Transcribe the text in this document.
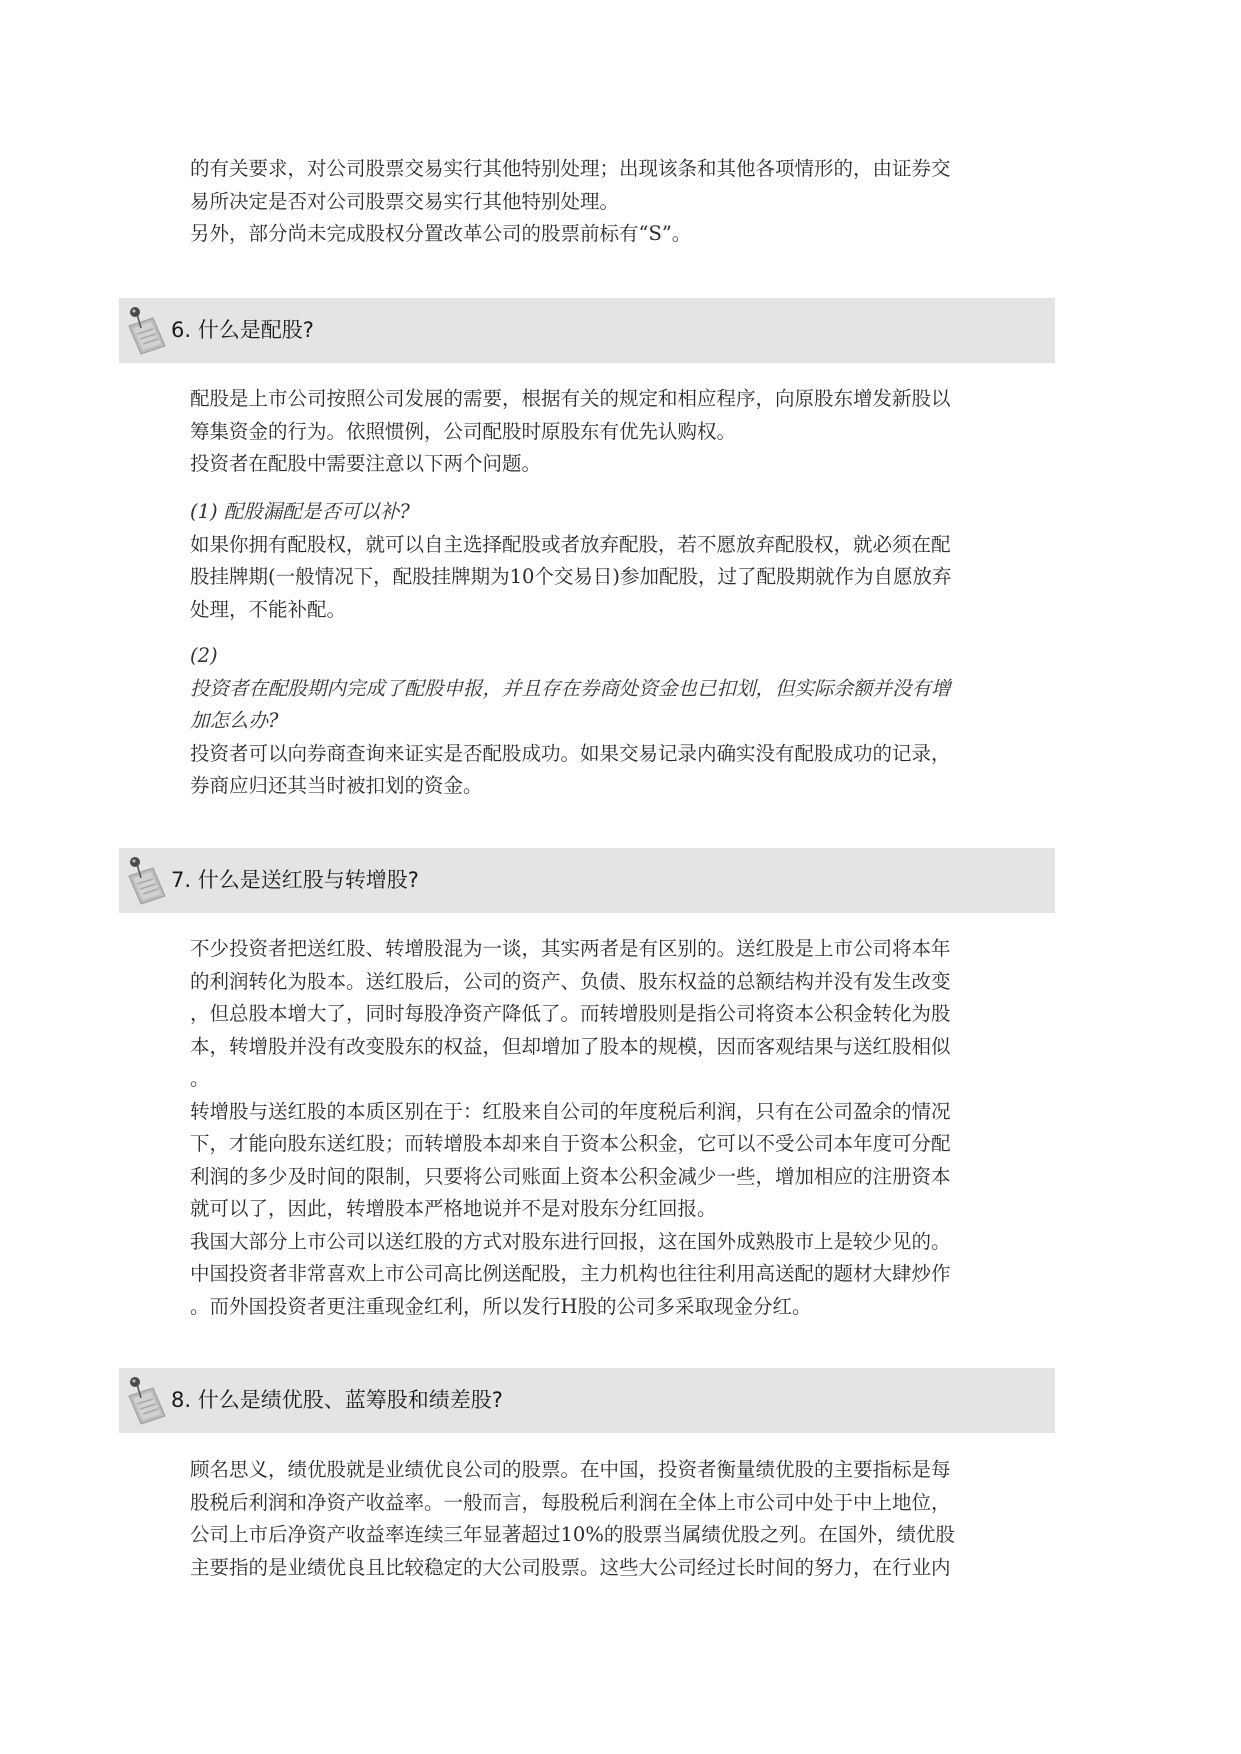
的有关要求，对公司股票交易实行其他特别处理；出现该条和其他各项情形的，由证券交
易所决定是否对公司股票交易实行其他特别处理。
另外，部分尚未完成股权分置改革公司的股票前标有“S”。
6. 什么是配股?
配股是上市公司按照公司发展的需要，根据有关的规定和相应程序，向原股东增发新股以
筹集资金的行为。依照惯例，公司配股时原股东有优先认购权。
投资者在配股中需要注意以下两个问题。
(1) 配股漏配是否可以补?
如果你拥有配股权，就可以自主选择配股或者放弃配股，若不愿放弃配股权，就必须在配
股挂牌期(一般情况下，配股挂牌期为10个交易日)参加配股，过了配股期就作为自愿放弃
处理，不能补配。
(2)
投资者在配股期内完成了配股申报，并且存在券商处资金也已扣划，但实际余额并没有增
加怎么办?
投资者可以向券商查询来证实是否配股成功。如果交易记录内确实没有配股成功的记录，
券商应归还其当时被扣划的资金。
7. 什么是送红股与转增股?
不少投资者把送红股、转增股混为一谈，其实两者是有区别的。送红股是上市公司将本年
的利润转化为股本。送红股后，公司的资产、负债、股东权益的总额结构并没有发生改变
，但总股本增大了，同时每股净资产降低了。而转增股则是指公司将资本公积金转化为股
本，转增股并没有改变股东的权益，但却增加了股本的规模，因而客观结果与送红股相似
。
转增股与送红股的本质区别在于：红股来自公司的年度税后利润，只有在公司盈余的情况
下，才能向股东送红股；而转增股本却来自于资本公积金，它可以不受公司本年度可分配
利润的多少及时间的限制，只要将公司账面上资本公积金减少一些，增加相应的注册资本
就可以了，因此，转增股本严格地说并不是对股东分红回报。
我国大部分上市公司以送红股的方式对股东进行回报，这在国外成熟股市上是较少见的。
中国投资者非常喜欢上市公司高比例送配股，主力机构也往往利用高送配的题材大肆炒作
。而外国投资者更注重现金红利，所以发行H股的公司多采取现金分红。
8. 什么是绩优股、蓝筹股和绩差股?
顾名思义，绩优股就是业绩优良公司的股票。在中国，投资者衡量绩优股的主要指标是每
股税后利润和净资产收益率。一般而言，每股税后利润在全体上市公司中处于中上地位，
公司上市后净资产收益率连续三年显著超过10%的股票当属绩优股之列。在国外，绩优股
主要指的是业绩优良且比较稳定的大公司股票。这些大公司经过长时间的努力，在行业内
